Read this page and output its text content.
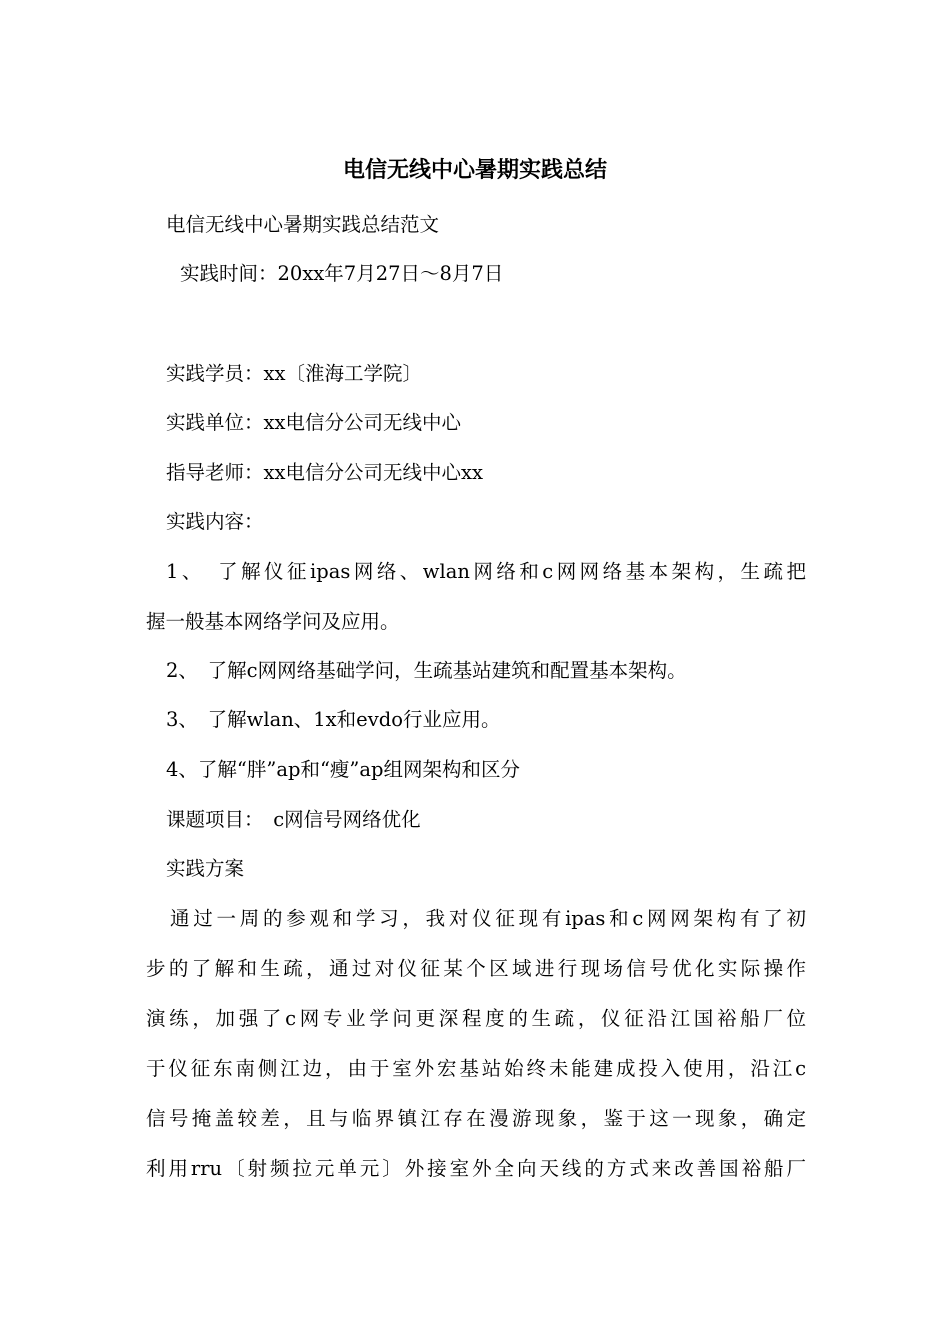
电信无线中心暑期实践总结

电信无线中心暑期实践总结范文

实践时间：20xx年7月27日～8月7日

实践学员：xx〔淮海工学院〕

实践单位：xx电信分公司无线中心

指导老师：xx电信分公司无线中心xx

实践内容：

1、　了解仪征ipas网络、wlan网络和c网网络基本架构，生疏把

握一般基本网络学问及应用。

2、　了解c网网络基础学问，生疏基站建筑和配置基本架构。

3、　了解wlan、1x和evdo行业应用。

4、了解“胖”ap和“瘦”ap组网架构和区分

课题项目：　c网信号网络优化

实践方案

通过一周的参观和学习，我对仪征现有ipas和c网网架构有了初

步的了解和生疏，通过对仪征某个区域进行现场信号优化实际操作

演练，加强了c网专业学问更深程度的生疏，仪征沿江国裕船厂位

于仪征东南侧江边，由于室外宏基站始终未能建成投入使用，沿江c

信号掩盖较差，且与临界镇江存在漫游现象，鉴于这一现象，确定

利用rru〔射频拉元单元〕外接室外全向天线的方式来改善国裕船厂
